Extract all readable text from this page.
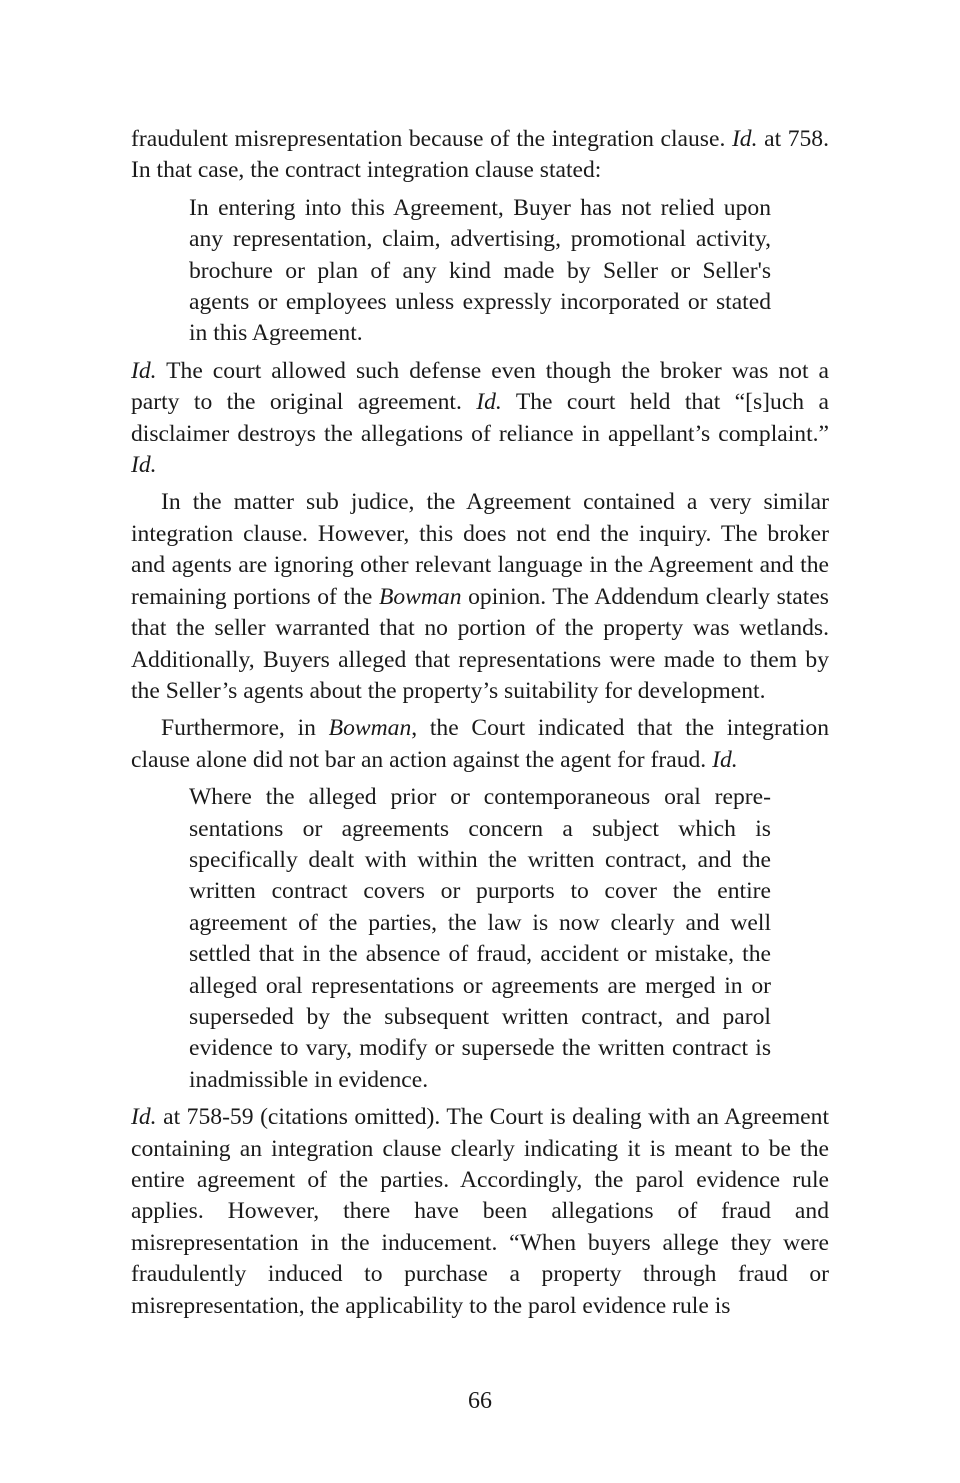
fraudulent misrepresentation because of the integration clause. Id. at 758. In that case, the contract integration clause stated:

In entering into this Agreement, Buyer has not relied upon any representation, claim, advertising, promotional activity, brochure or plan of any kind made by Seller or Seller's agents or employees unless expressly incorporated or stated in this Agreement.

Id. The court allowed such defense even though the broker was not a party to the original agreement. Id. The court held that “[s]uch a disclaimer destroys the allegations of reliance in appellant’s complaint.” Id.

In the matter sub judice, the Agreement contained a very similar integration clause. However, this does not end the inquiry. The broker and agents are ignoring other relevant language in the Agreement and the remaining portions of the Bowman opinion. The Addendum clearly states that the seller warranted that no portion of the property was wetlands. Additionally, Buyers alleged that representations were made to them by the Seller’s agents about the property’s suitability for development.

Furthermore, in Bowman, the Court indicated that the integration clause alone did not bar an action against the agent for fraud. Id.

Where the alleged prior or contemporaneous oral representations or agreements concern a subject which is specifically dealt with within the written contract, and the written contract covers or purports to cover the entire agreement of the parties, the law is now clearly and well settled that in the absence of fraud, accident or mistake, the alleged oral representations or agreements are merged in or superseded by the subsequent written contract, and parol evidence to vary, modify or supersede the written contract is inadmissible in evidence.

Id. at 758-59 (citations omitted). The Court is dealing with an Agreement containing an integration clause clearly indicating it is meant to be the entire agreement of the parties. Accordingly, the parol evidence rule applies. However, there have been allegations of fraud and misrepresentation in the inducement. “When buyers allege they were fraudulently induced to purchase a property through fraud or misrepresentation, the applicability to the parol evidence rule is

66
